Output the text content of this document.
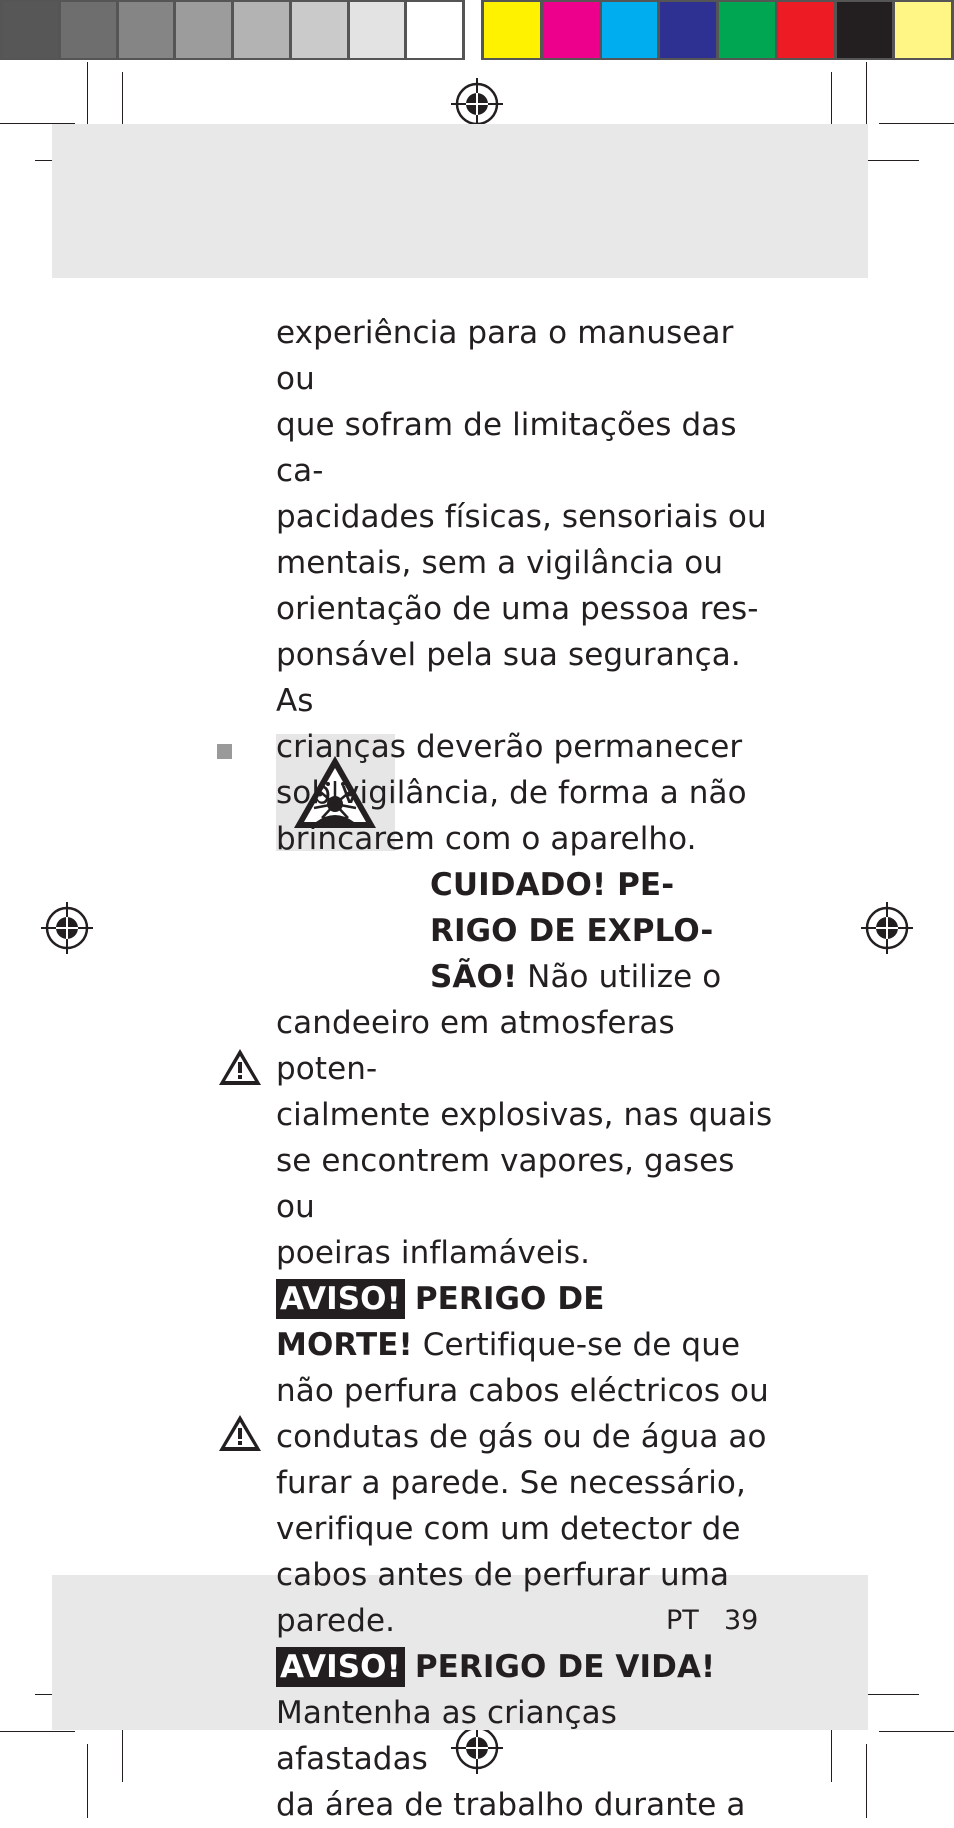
experiência para o manusear ou

que sofram de limitações das ca-

pacidades físicas, sensoriais ou

mentais, sem a vigilância ou

orientação de uma pessoa res-

ponsável pela sua segurança. As

crianças deverão permanecer

sob vigilância, de forma a não

brincarem com o aparelho.

CUIDADO! PE-

RIGO DE EXPLO-

SÃO! Não utilize o

candeeiro em atmosferas poten-

cialmente explosivas, nas quais

se encontrem vapores, gases ou

poeiras inflamáveis.

AVISO! PERIGO DE

MORTE! Certifique-se de que

não perfura cabos eléctricos ou

condutas de gás ou de água ao

furar a parede. Se necessário,

verifique com um detector de

cabos antes de perfurar uma

parede.

AVISO! PERIGO DE VIDA!

Mantenha as crianças afastadas

da área de trabalho durante a

PT 39
